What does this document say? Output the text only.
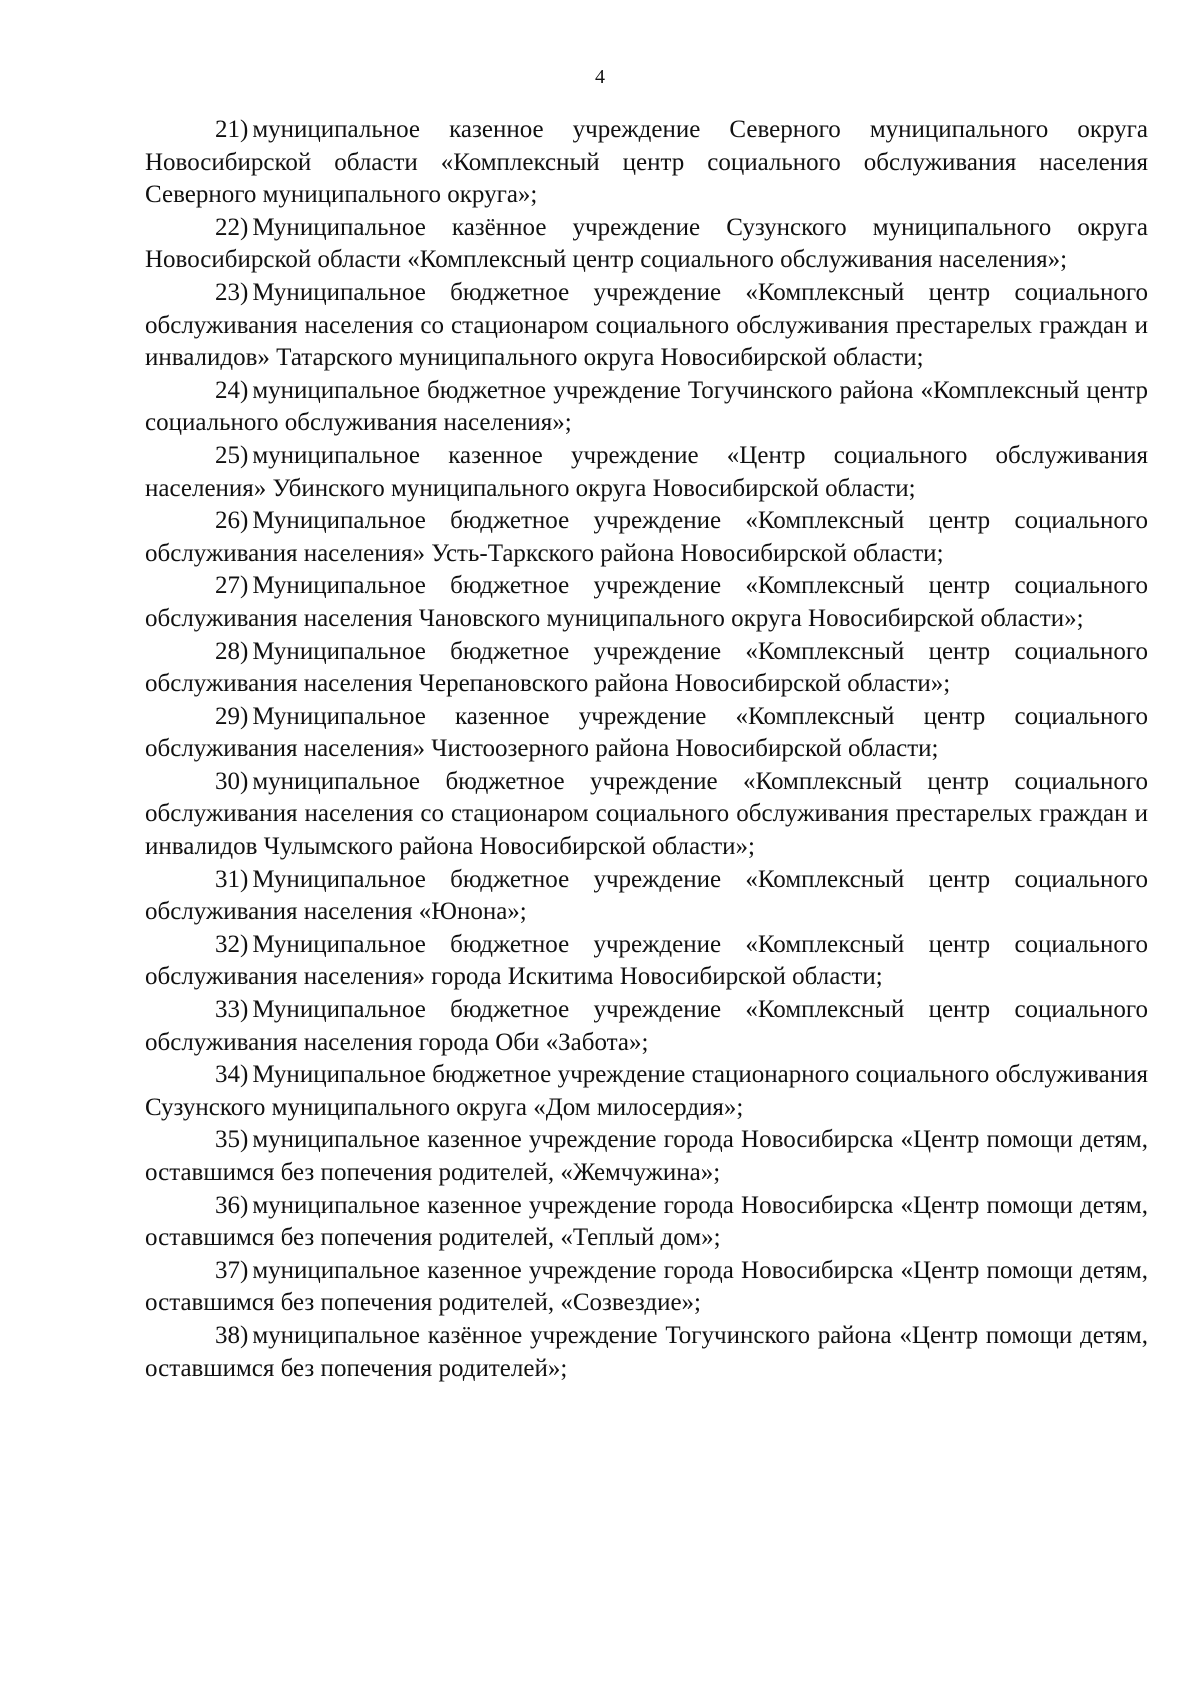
4

21) муниципальное казенное учреждение Северного муниципального округа Новосибирской области «Комплексный центр социального обслуживания населения Северного муниципального округа»;

22) Муниципальное казённое учреждение Сузунского муниципального округа Новосибирской области «Комплексный центр социального обслуживания населения»;

23) Муниципальное бюджетное учреждение «Комплексный центр социального обслуживания населения со стационаром социального обслуживания престарелых граждан и инвалидов» Татарского муниципального округа Новосибирской области;

24) муниципальное бюджетное учреждение Тогучинского района «Комплексный центр социального обслуживания населения»;

25) муниципальное казенное учреждение «Центр социального обслуживания населения» Убинского муниципального округа Новосибирской области;

26) Муниципальное бюджетное учреждение «Комплексный центр социального обслуживания населения» Усть-Таркского района Новосибирской области;

27) Муниципальное бюджетное учреждение «Комплексный центр социального обслуживания населения Чановского муниципального округа Новосибирской области»;

28) Муниципальное бюджетное учреждение «Комплексный центр социального обслуживания населения Черепановского района Новосибирской области»;

29) Муниципальное казенное учреждение «Комплексный центр социального обслуживания населения» Чистоозерного района Новосибирской области;

30) муниципальное бюджетное учреждение «Комплексный центр социального обслуживания населения со стационаром социального обслуживания престарелых граждан и инвалидов Чулымского района Новосибирской области»;

31) Муниципальное бюджетное учреждение «Комплексный центр социального обслуживания населения «Юнона»;

32) Муниципальное бюджетное учреждение «Комплексный центр социального обслуживания населения» города Искитима Новосибирской области;

33) Муниципальное бюджетное учреждение «Комплексный центр социального обслуживания населения города Оби «Забота»;

34) Муниципальное бюджетное учреждение стационарного социального обслуживания Сузунского муниципального округа «Дом милосердия»;

35) муниципальное казенное учреждение города Новосибирска «Центр помощи детям, оставшимся без попечения родителей, «Жемчужина»;

36) муниципальное казенное учреждение города Новосибирска «Центр помощи детям, оставшимся без попечения родителей, «Теплый дом»;

37) муниципальное казенное учреждение города Новосибирска «Центр помощи детям, оставшимся без попечения родителей, «Созвездие»;

38) муниципальное казённое учреждение Тогучинского района «Центр помощи детям, оставшимся без попечения родителей»;
